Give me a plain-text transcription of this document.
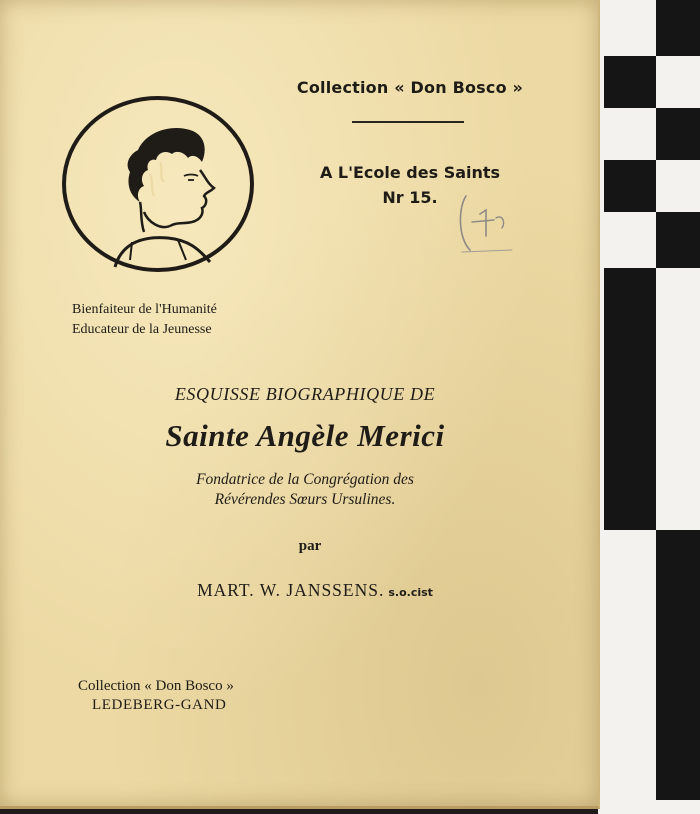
Collection « Don Bosco »
A L'Ecole des Saints
Nr 15.
Bienfaiteur de l'Humanité
Educateur de la Jeunesse
ESQUISSE BIOGRAPHIQUE DE
Sainte Angèle Merici
Fondatrice de la Congrégation des
Révérendes Sœurs Ursulines.
par
MART. W. JANSSENS. s.o.cist
Collection « Don Bosco »
LEDEBERG-GAND
